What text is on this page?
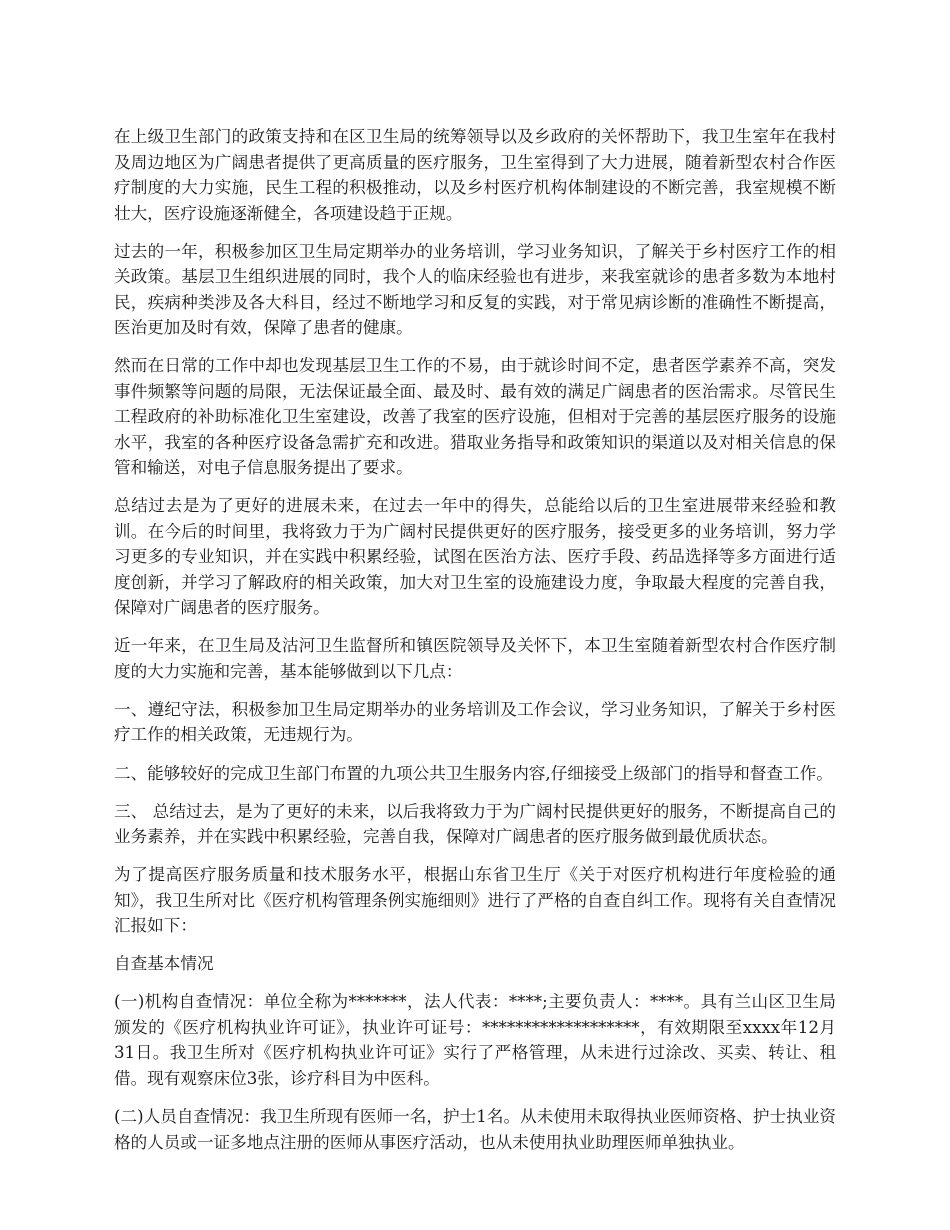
在上级卫生部门的政策支持和在区卫生局的统筹领导以及乡政府的关怀帮助下，我卫生室年在我村及周边地区为广阔患者提供了更高质量的医疗服务，卫生室得到了大力进展，随着新型农村合作医疗制度的大力实施，民生工程的积极推动，以及乡村医疗机构体制建设的不断完善，我室规模不断壮大，医疗设施逐渐健全，各项建设趋于正规。

过去的一年，积极参加区卫生局定期举办的业务培训，学习业务知识，了解关于乡村医疗工作的相关政策。基层卫生组织进展的同时，我个人的临床经验也有进步，来我室就诊的患者多数为本地村民，疾病种类涉及各大科目，经过不断地学习和反复的实践，对于常见病诊断的准确性不断提高，医治更加及时有效，保障了患者的健康。

然而在日常的工作中却也发现基层卫生工作的不易，由于就诊时间不定，患者医学素养不高，突发事件频繁等问题的局限，无法保证最全面、最及时、最有效的满足广阔患者的医治需求。尽管民生工程政府的补助标准化卫生室建设，改善了我室的医疗设施，但相对于完善的基层医疗服务的设施水平，我室的各种医疗设备急需扩充和改进。猎取业务指导和政策知识的渠道以及对相关信息的保管和输送，对电子信息服务提出了要求。

总结过去是为了更好的进展未来，在过去一年中的得失，总能给以后的卫生室进展带来经验和教训。在今后的时间里，我将致力于为广阔村民提供更好的医疗服务，接受更多的业务培训，努力学习更多的专业知识，并在实践中积累经验，试图在医治方法、医疗手段、药品选择等多方面进行适度创新，并学习了解政府的相关政策，加大对卫生室的设施建设力度，争取最大程度的完善自我，保障对广阔患者的医疗服务。

近一年来，在卫生局及沽河卫生监督所和镇医院领导及关怀下，本卫生室随着新型农村合作医疗制度的大力实施和完善，基本能够做到以下几点：

一、遵纪守法，积极参加卫生局定期举办的业务培训及工作会议，学习业务知识，了解关于乡村医疗工作的相关政策，无违规行为。

二、能够较好的完成卫生部门布置的九项公共卫生服务内容,仔细接受上级部门的指导和督查工作。

三、 总结过去，是为了更好的未来，以后我将致力于为广阔村民提供更好的服务，不断提高自己的业务素养，并在实践中积累经验，完善自我，保障对广阔患者的医疗服务做到最优质状态。

为了提高医疗服务质量和技术服务水平，根据山东省卫生厅《关于对医疗机构进行年度检验的通知》，我卫生所对比《医疗机构管理条例实施细则》进行了严格的自查自纠工作。现将有关自查情况汇报如下：

自查基本情况

(一)机构自查情况：单位全称为*******，法人代表：****;主要负责人：****。具有兰山区卫生局颁发的《医疗机构执业许可证》，执业许可证号：*******************，有效期限至xxxx年12月31日。我卫生所对《医疗机构执业许可证》实行了严格管理，从未进行过涂改、买卖、转让、租借。现有观察床位3张，诊疗科目为中医科。

(二)人员自查情况：我卫生所现有医师一名，护士1名。从未使用未取得执业医师资格、护士执业资格的人员或一证多地点注册的医师从事医疗活动，也从未使用执业助理医师单独执业。
